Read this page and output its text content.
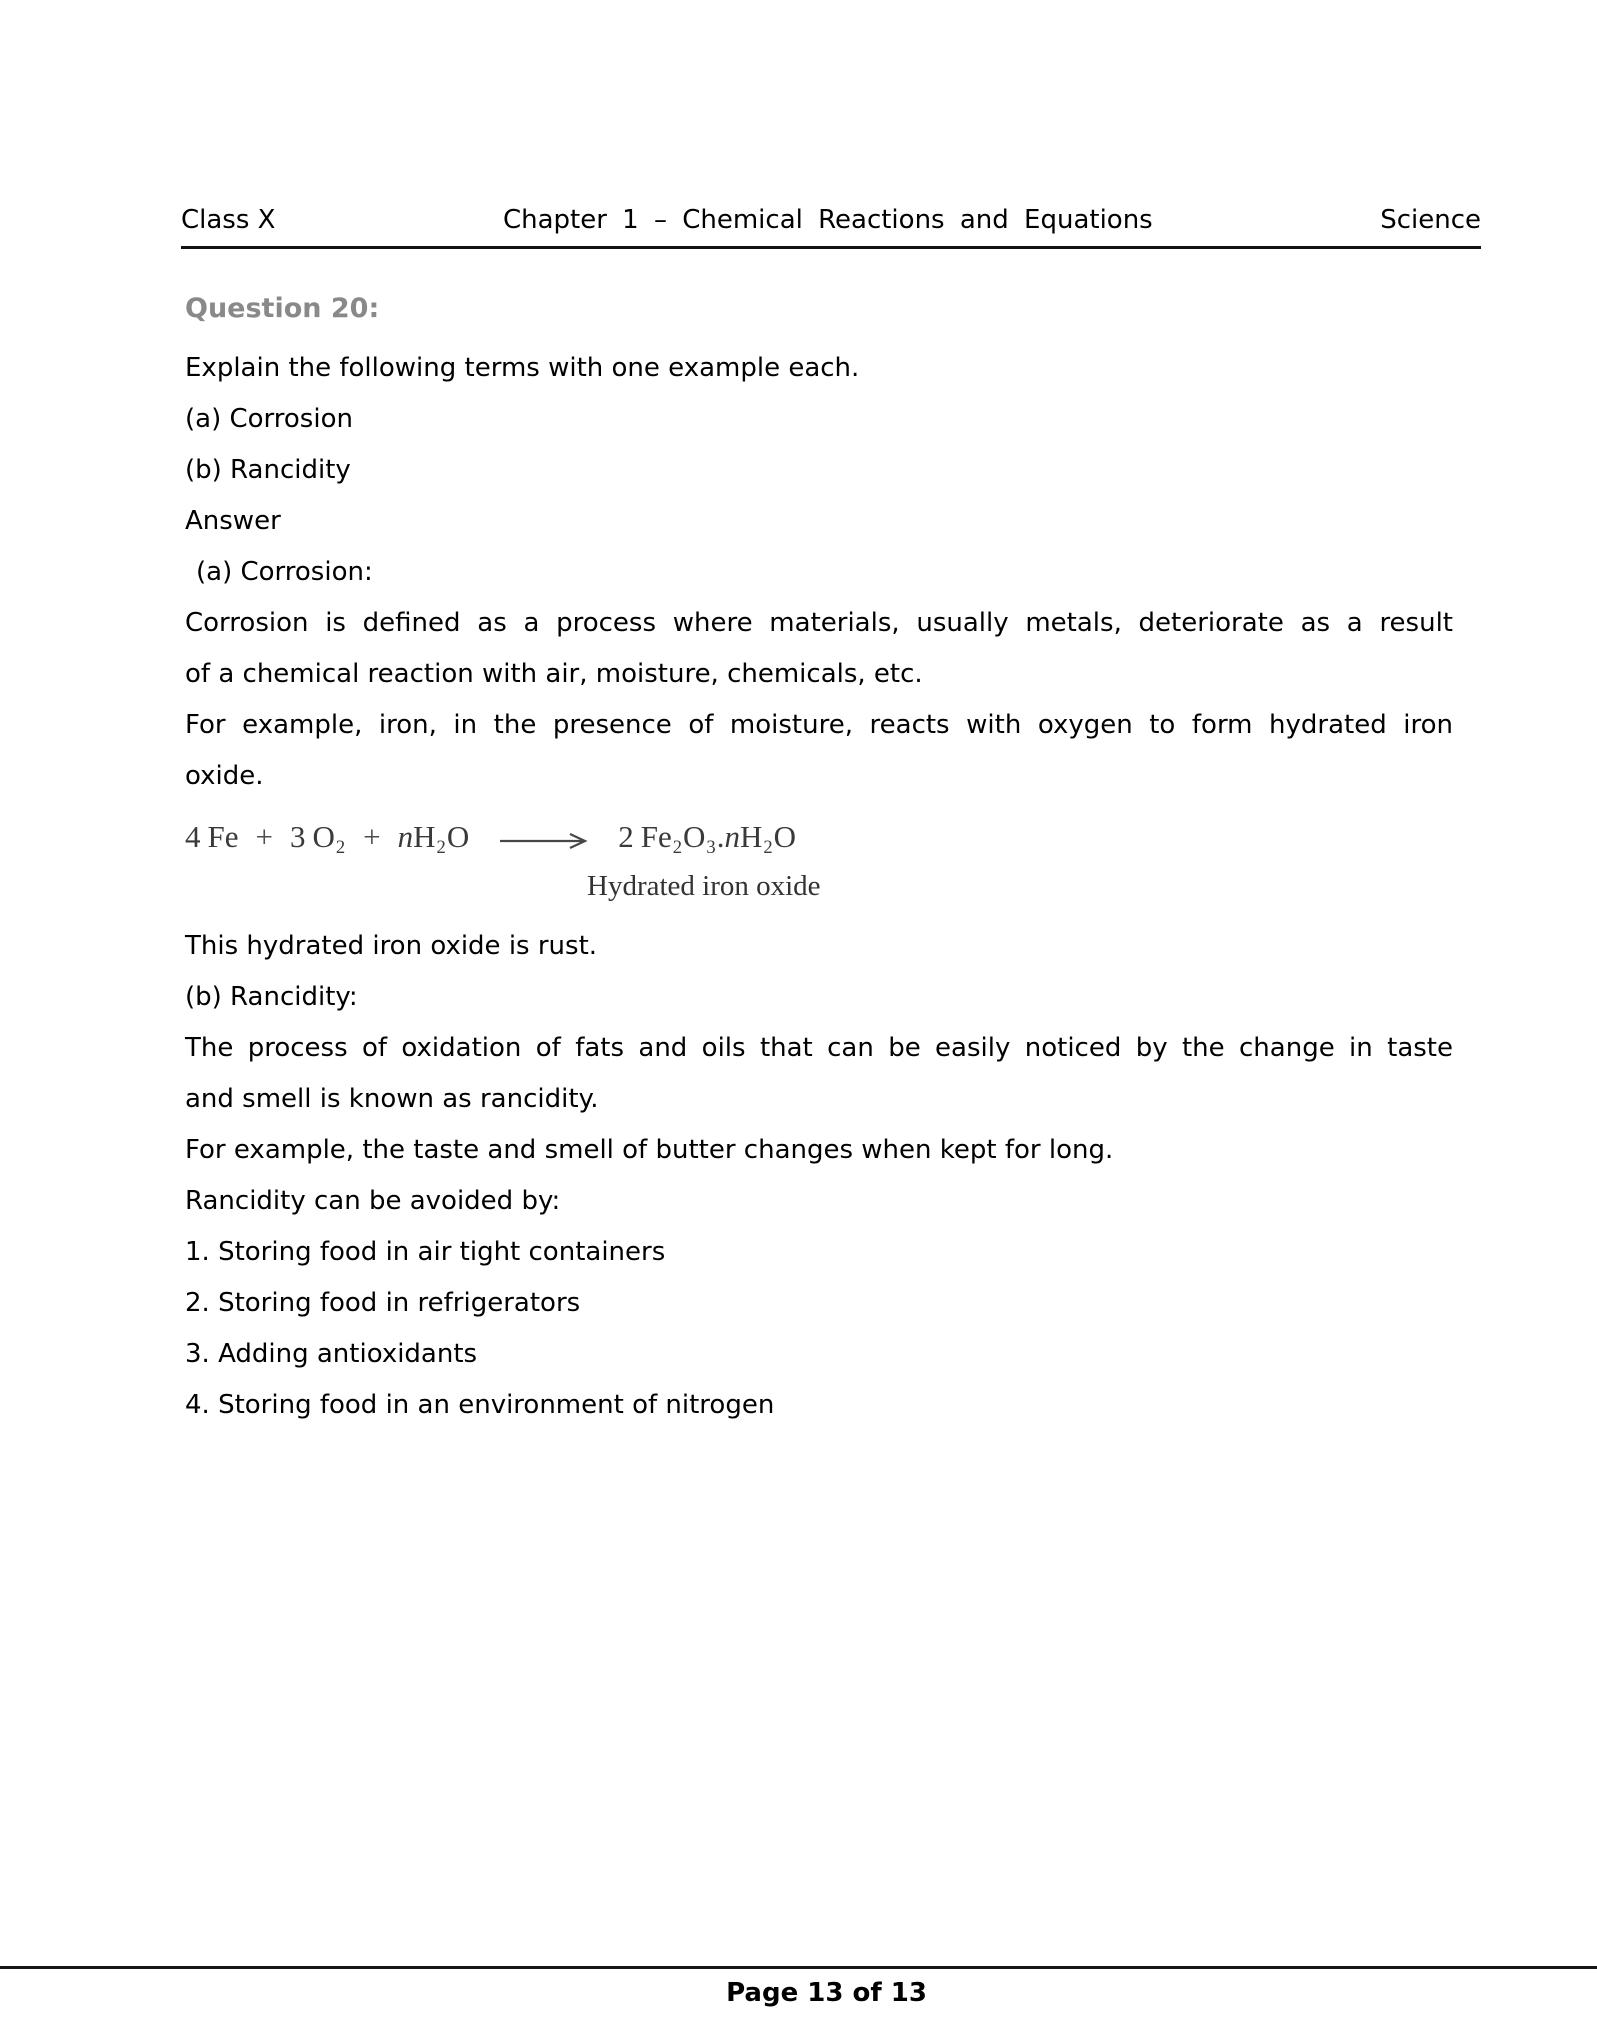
Class X	Chapter 1 – Chemical Reactions and Equations	Science
Question 20:
Explain the following terms with one example each.
(a) Corrosion
(b) Rancidity
Answer
(a) Corrosion:
Corrosion is defined as a process where materials, usually metals, deteriorate as a result
of a chemical reaction with air, moisture, chemicals, etc.
For example, iron, in the presence of moisture, reacts with oxygen to form hydrated iron
oxide.
4 Fe + 3 O2 + nH2O	2 Fe2O3.nH2O
Hydrated iron oxide
This hydrated iron oxide is rust.
(b) Rancidity:
The process of oxidation of fats and oils that can be easily noticed by the change in taste
and smell is known as rancidity.
For example, the taste and smell of butter changes when kept for long.
Rancidity can be avoided by:
1. Storing food in air tight containers
2. Storing food in refrigerators
3. Adding antioxidants
4. Storing food in an environment of nitrogen
Page 13 of 13
